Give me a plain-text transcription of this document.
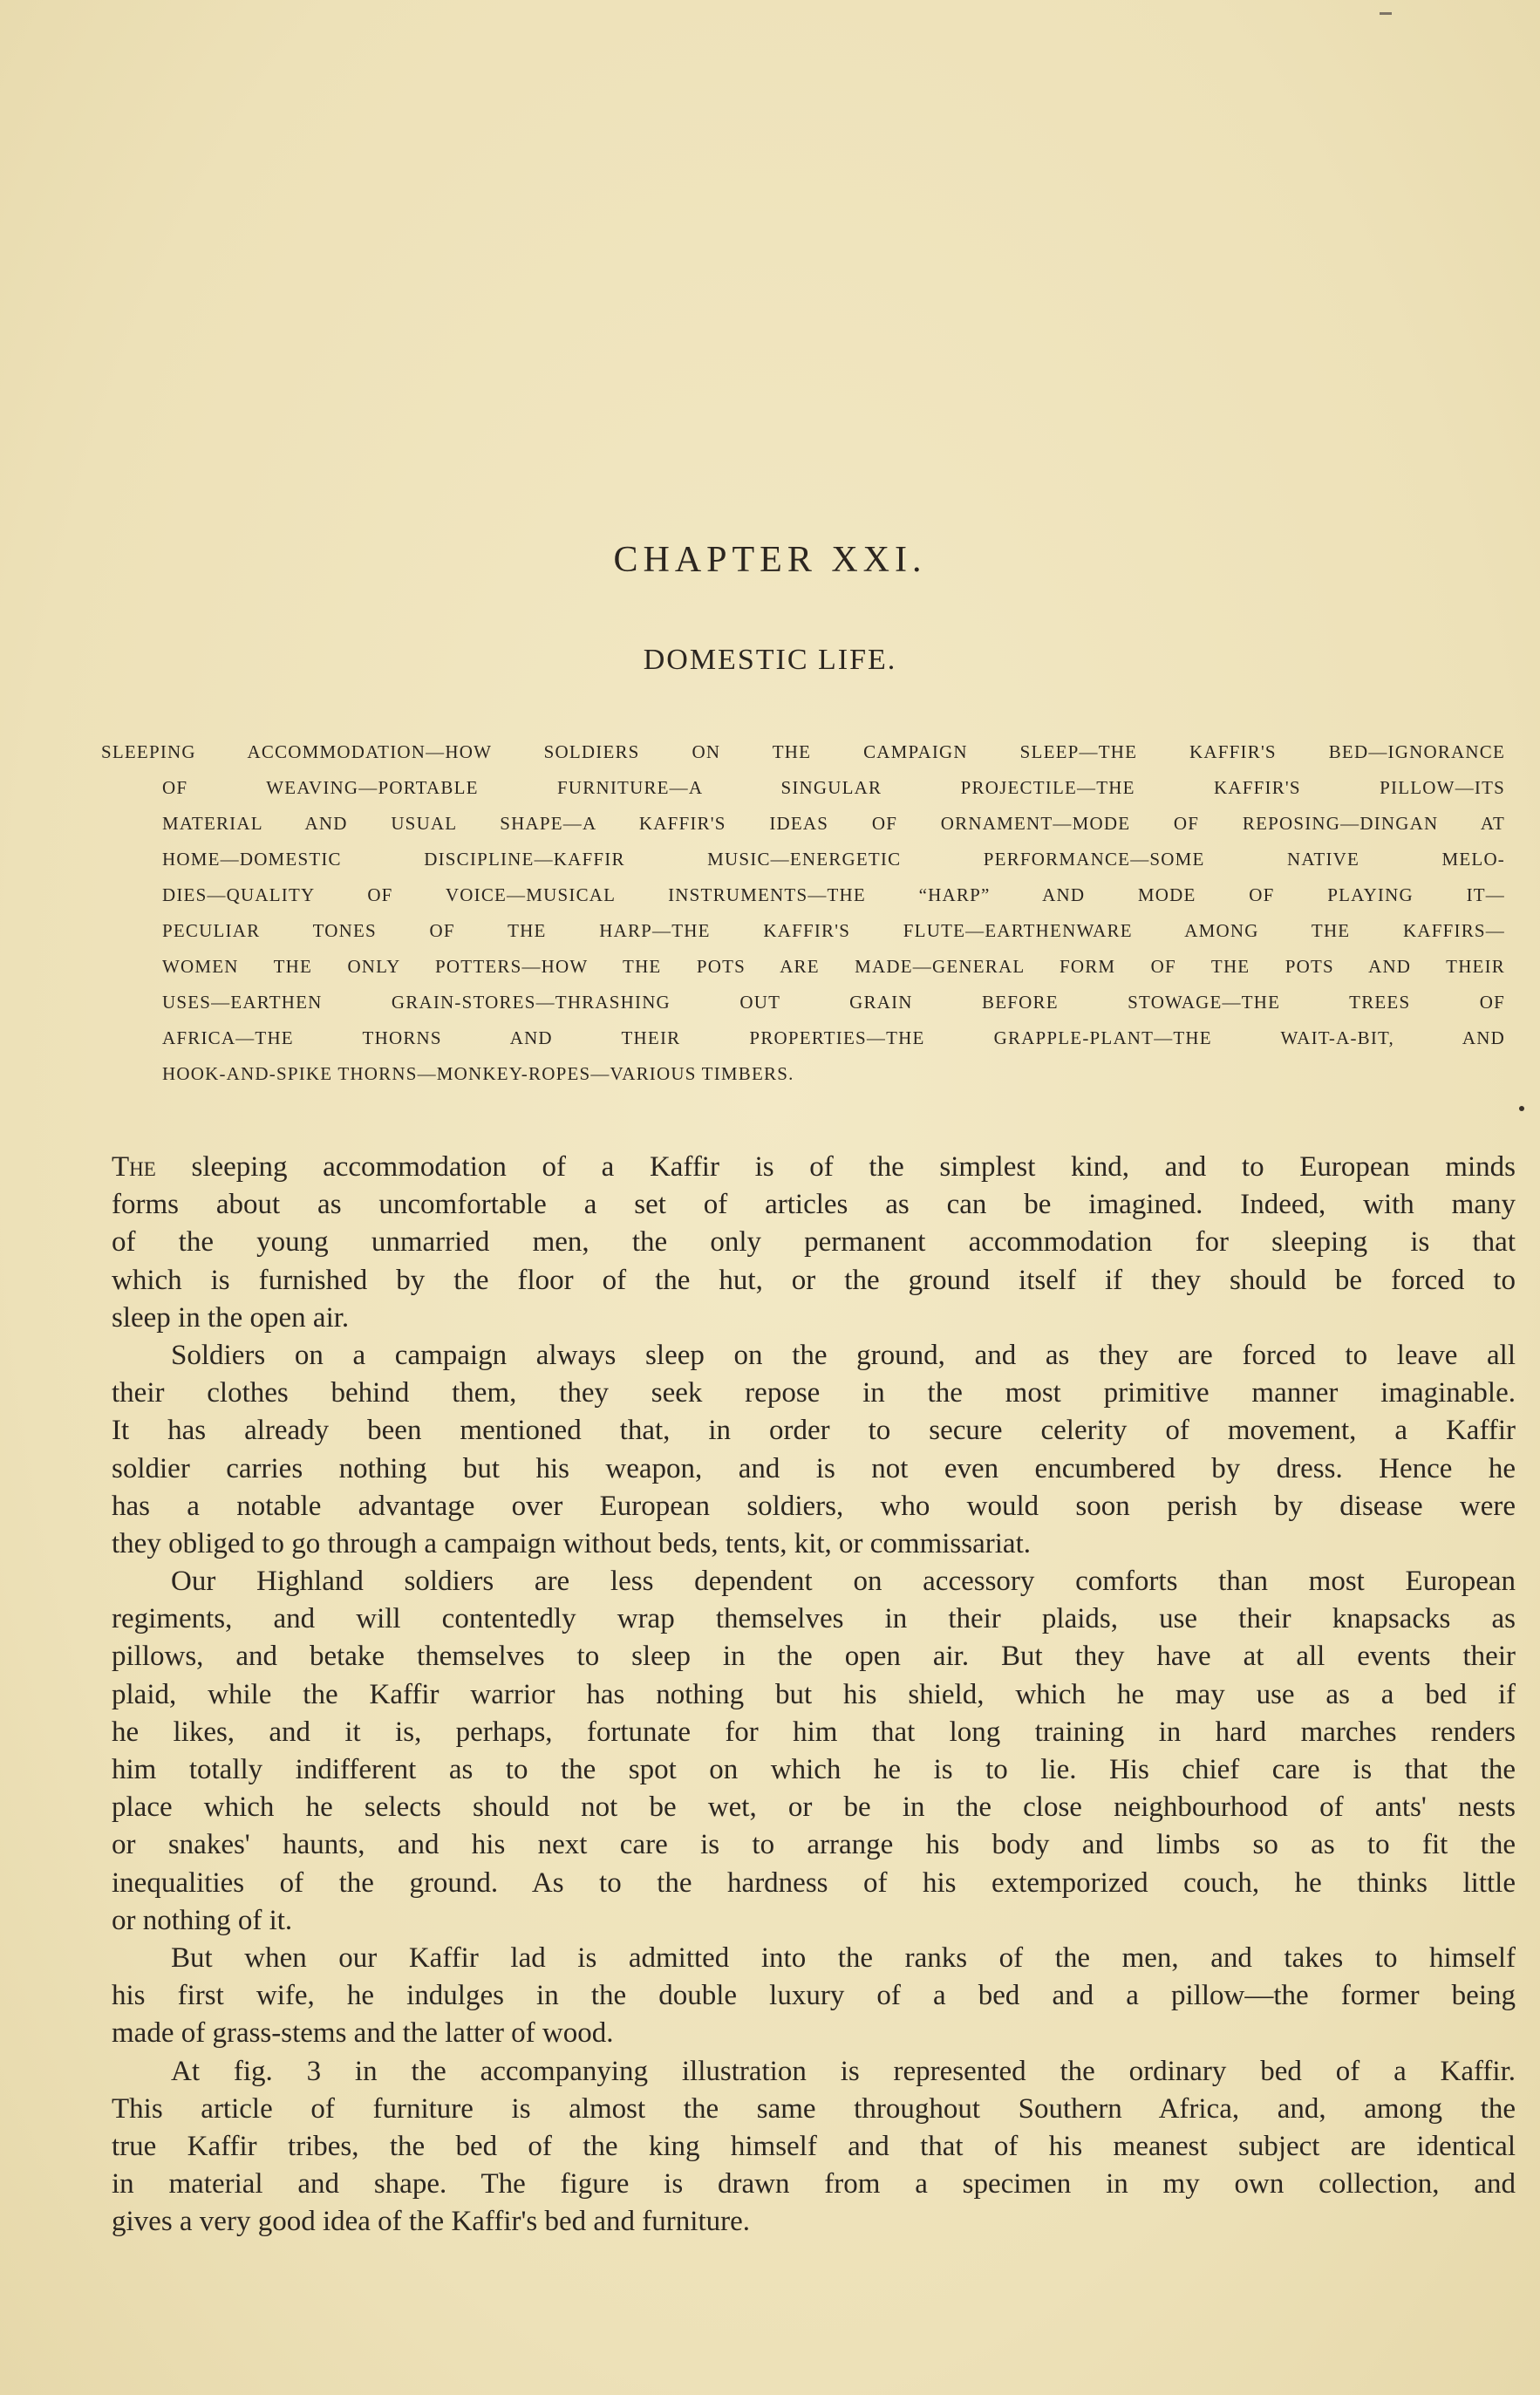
CHAPTER XXI.
DOMESTIC LIFE.
SLEEPING ACCOMMODATION—HOW SOLDIERS ON THE CAMPAIGN SLEEP—THE KAFFIR'S BED—IGNORANCE
OF WEAVING—PORTABLE FURNITURE—A SINGULAR PROJECTILE—THE KAFFIR'S PILLOW—ITS
MATERIAL AND USUAL SHAPE—A KAFFIR'S IDEAS OF ORNAMENT—MODE OF REPOSING—DINGAN AT
HOME—DOMESTIC DISCIPLINE—KAFFIR MUSIC—ENERGETIC PERFORMANCE—SOME NATIVE MELO-
DIES—QUALITY OF VOICE—MUSICAL INSTRUMENTS—THE “HARP” AND MODE OF PLAYING IT—
PECULIAR TONES OF THE HARP—THE KAFFIR'S FLUTE—EARTHENWARE AMONG THE KAFFIRS—
WOMEN THE ONLY POTTERS—HOW THE POTS ARE MADE—GENERAL FORM OF THE POTS AND THEIR
USES—EARTHEN GRAIN-STORES—THRASHING OUT GRAIN BEFORE STOWAGE—THE TREES OF
AFRICA—THE THORNS AND THEIR PROPERTIES—THE GRAPPLE-PLANT—THE WAIT-A-BIT, AND
HOOK-AND-SPIKE THORNS—MONKEY-ROPES—VARIOUS TIMBERS.
The sleeping accommodation of a Kaffir is of the simplest kind, and to European minds
forms about as uncomfortable a set of articles as can be imagined. Indeed, with many
of the young unmarried men, the only permanent accommodation for sleeping is that
which is furnished by the floor of the hut, or the ground itself if they should be forced to
sleep in the open air.
Soldiers on a campaign always sleep on the ground, and as they are forced to leave all
their clothes behind them, they seek repose in the most primitive manner imaginable.
It has already been mentioned that, in order to secure celerity of movement, a Kaffir
soldier carries nothing but his weapon, and is not even encumbered by dress. Hence he
has a notable advantage over European soldiers, who would soon perish by disease were
they obliged to go through a campaign without beds, tents, kit, or commissariat.
Our Highland soldiers are less dependent on accessory comforts than most European
regiments, and will contentedly wrap themselves in their plaids, use their knapsacks as
pillows, and betake themselves to sleep in the open air. But they have at all events their
plaid, while the Kaffir warrior has nothing but his shield, which he may use as a bed if
he likes, and it is, perhaps, fortunate for him that long training in hard marches renders
him totally indifferent as to the spot on which he is to lie. His chief care is that the
place which he selects should not be wet, or be in the close neighbourhood of ants' nests
or snakes' haunts, and his next care is to arrange his body and limbs so as to fit the
inequalities of the ground. As to the hardness of his extemporized couch, he thinks little
or nothing of it.
But when our Kaffir lad is admitted into the ranks of the men, and takes to himself
his first wife, he indulges in the double luxury of a bed and a pillow—the former being
made of grass-stems and the latter of wood.
At fig. 3 in the accompanying illustration is represented the ordinary bed of a Kaffir.
This article of furniture is almost the same throughout Southern Africa, and, among the
true Kaffir tribes, the bed of the king himself and that of his meanest subject are identical
in material and shape. The figure is drawn from a specimen in my own collection, and
gives a very good idea of the Kaffir's bed and furniture.
